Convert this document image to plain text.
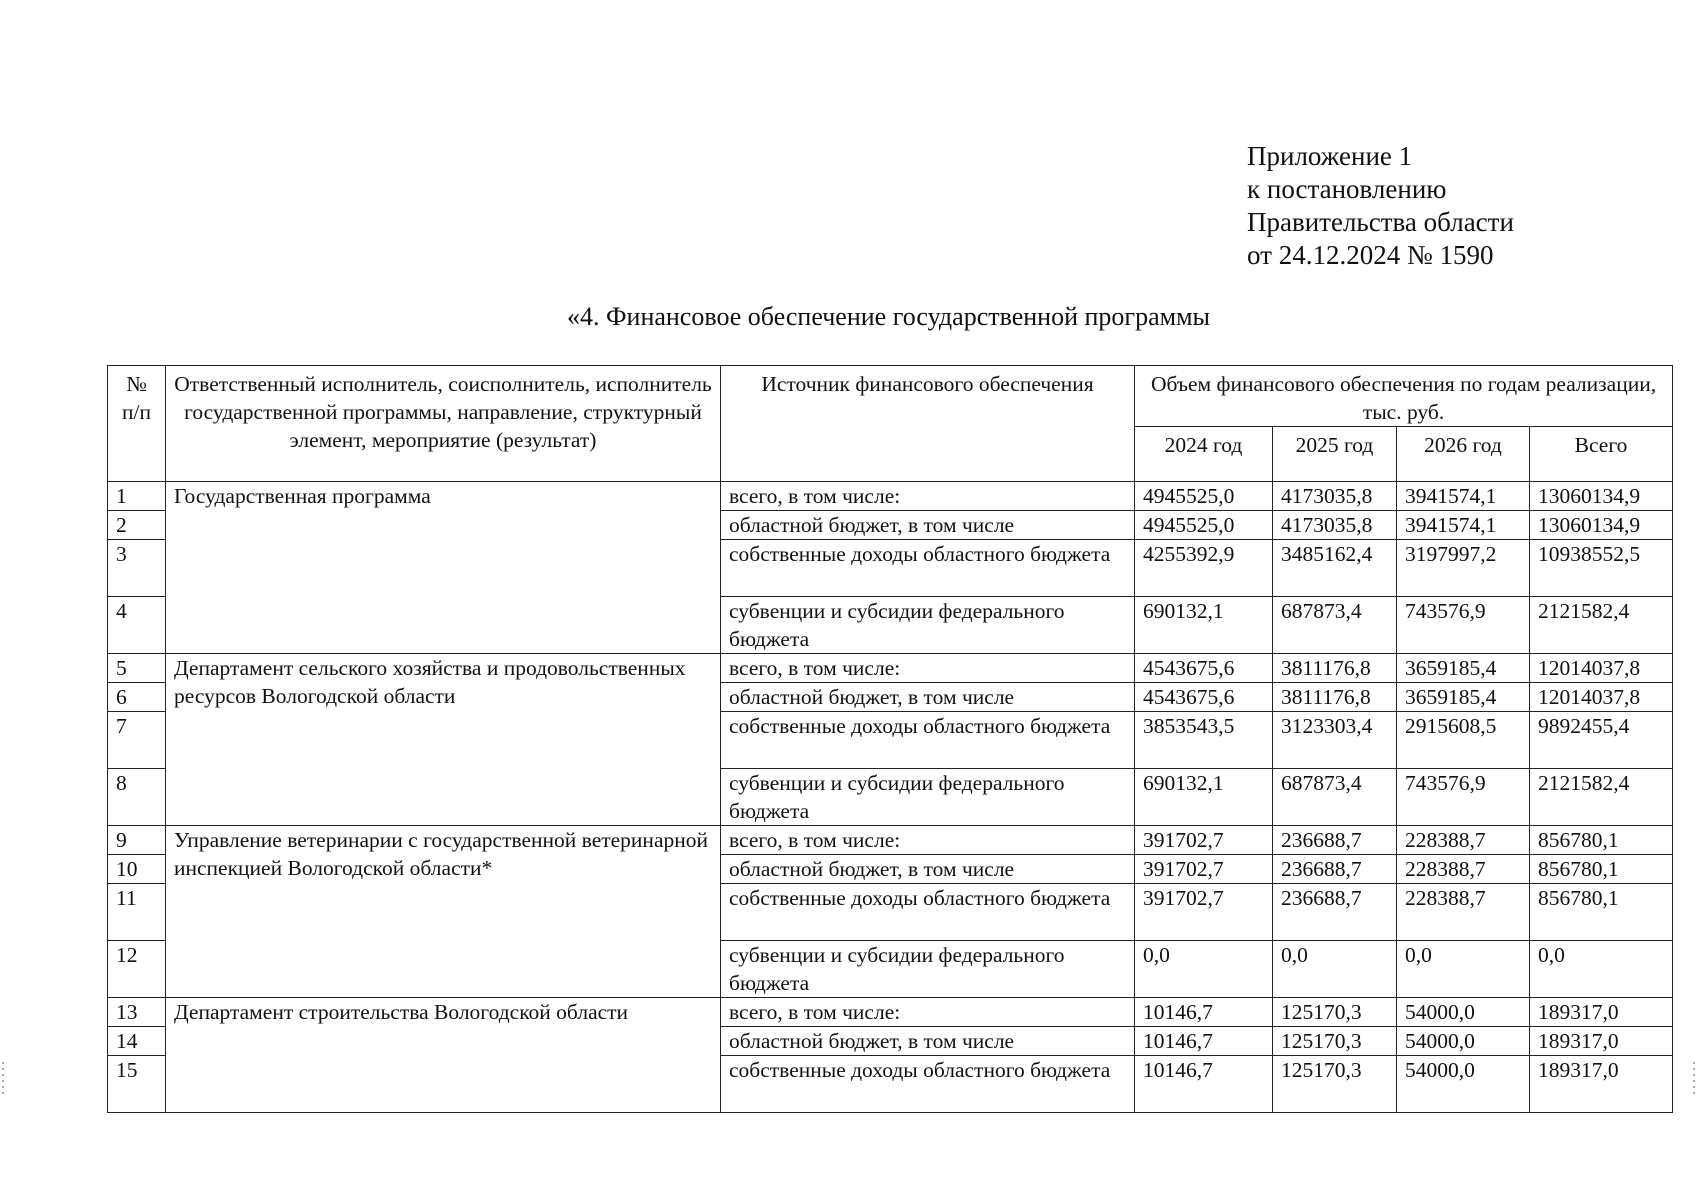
Приложение 1
к постановлению
Правительства области
от 24.12.2024 № 1590
«4. Финансовое обеспечение государственной программы
№ п/п	Ответственный исполнитель, соисполнитель, исполнитель государственной программы, направление, структурный элемент, мероприятие (результат)	Источник финансового обеспечения	Объем финансового обеспечения по годам реализации, тыс. руб.			
			2024 год	2025 год	2026 год	Всего
1	Государственная программа	всего, в том числе:	4945525,0	4173035,8	3941574,1	13060134,9
2		областной бюджет, в том числе	4945525,0	4173035,8	3941574,1	13060134,9
3		собственные доходы областного бюджета	4255392,9	3485162,4	3197997,2	10938552,5
4		субвенции и субсидии федерального бюджета	690132,1	687873,4	743576,9	2121582,4
5	Департамент сельского хозяйства и продовольственных ресурсов Вологодской области	всего, в том числе:	4543675,6	3811176,8	3659185,4	12014037,8
6		областной бюджет, в том числе	4543675,6	3811176,8	3659185,4	12014037,8
7		собственные доходы областного бюджета	3853543,5	3123303,4	2915608,5	9892455,4
8		субвенции и субсидии федерального бюджета	690132,1	687873,4	743576,9	2121582,4
9	Управление ветеринарии с государственной ветеринарной инспекцией Вологодской области*	всего, в том числе:	391702,7	236688,7	228388,7	856780,1
10		областной бюджет, в том числе	391702,7	236688,7	228388,7	856780,1
11		собственные доходы областного бюджета	391702,7	236688,7	228388,7	856780,1
12		субвенции и субсидии федерального бюджета	0,0	0,0	0,0	0,0
13	Департамент строительства Вологодской области	всего, в том числе:	10146,7	125170,3	54000,0	189317,0
14		областной бюджет, в том числе	10146,7	125170,3	54000,0	189317,0
15		собственные доходы областного бюджета	10146,7	125170,3	54000,0	189317,0
